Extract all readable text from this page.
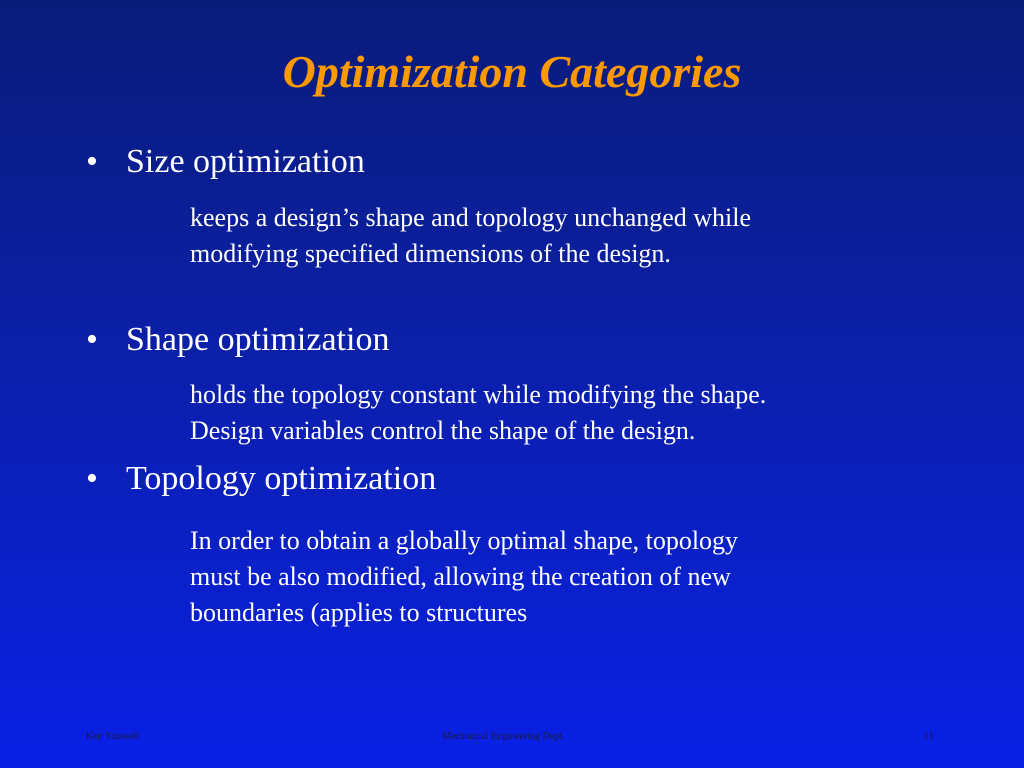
Optimization Categories
• Size optimization
keeps a design’s shape and topology unchanged while
modifying specified dimensions of the design.
• Shape optimization
holds the topology constant while modifying the shape.
Design variables control the shape of the design.
• Topology optimization
In order to obtain a globally optimal shape, topology
must be also modified, allowing the creation of new
boundaries (applies to structures
Ken Youssefi	Mechanical Engineering Dept.	11
